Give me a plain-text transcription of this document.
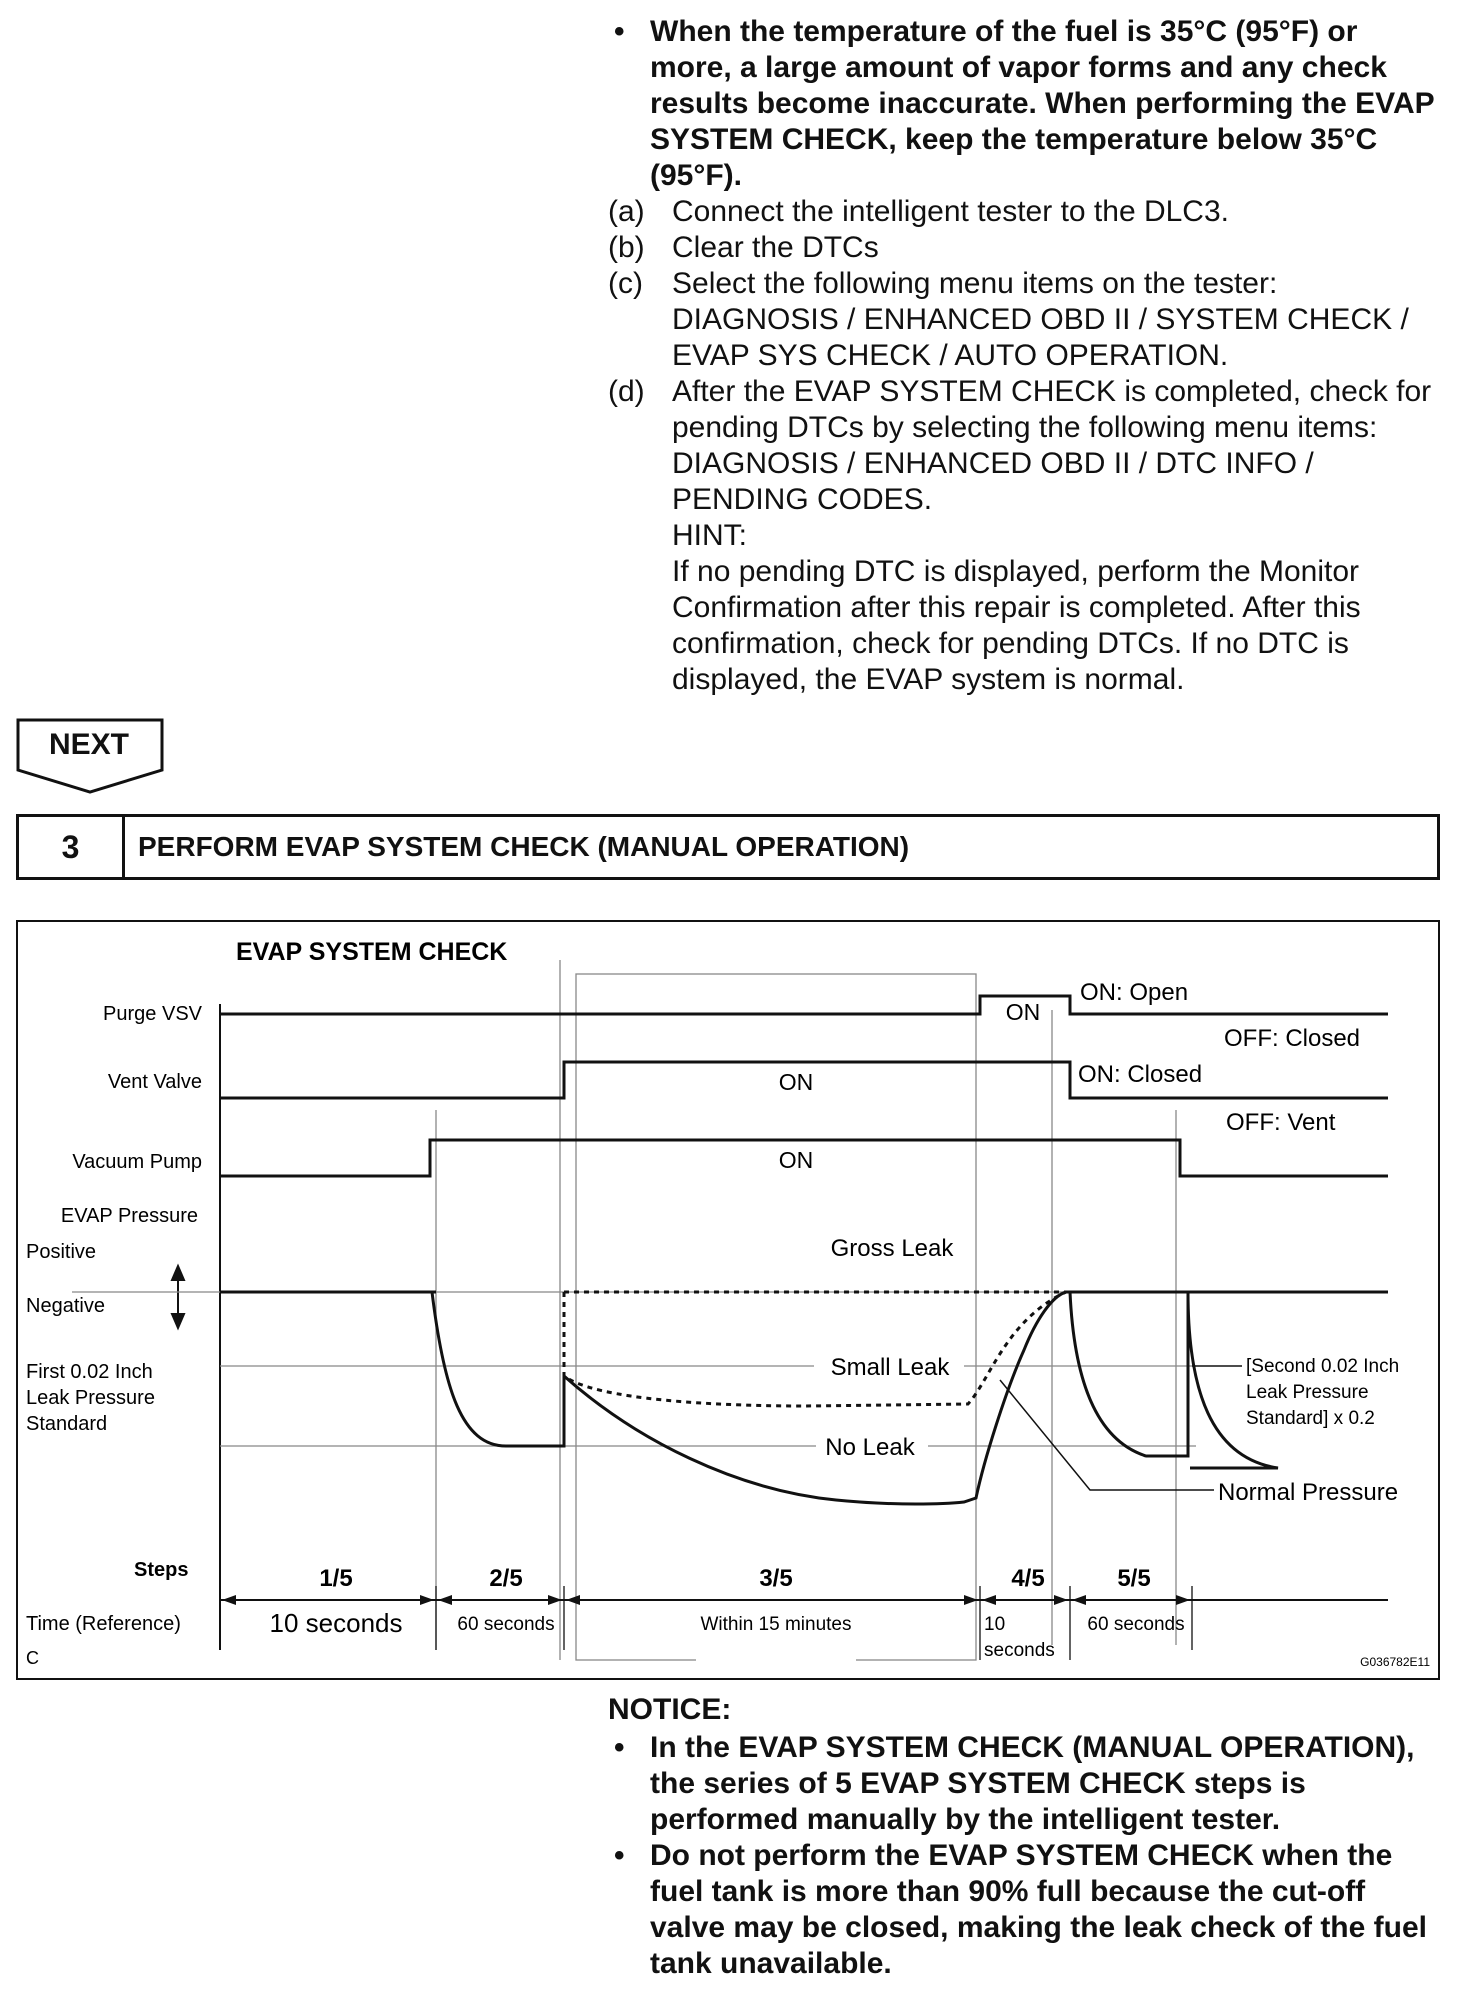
• When the temperature of the fuel is 35°C (95°F) or more, a large amount of vapor forms and any check results become inaccurate. When performing the EVAP SYSTEM CHECK, keep the temperature below 35°C (95°F).
(a) Connect the intelligent tester to the DLC3.
(b) Clear the DTCs
(c) Select the following menu items on the tester: DIAGNOSIS / ENHANCED OBD II / SYSTEM CHECK / EVAP SYS CHECK / AUTO OPERATION.
(d) After the EVAP SYSTEM CHECK is completed, check for pending DTCs by selecting the following menu items: DIAGNOSIS / ENHANCED OBD II / DTC INFO / PENDING CODES.

HINT:

If no pending DTC is displayed, perform the Monitor Confirmation after this repair is completed. After this confirmation, check for pending DTCs. If no DTC is displayed, the EVAP system is normal.

NEXT
3	PERFORM EVAP SYSTEM CHECK (MANUAL OPERATION)
EVAP SYSTEM CHECK
Purge VSV
Vent Valve
Vacuum Pump
EVAP Pressure
Positive
Negative
First 0.02 Inch
Leak Pressure
Standard
Time (Reference)
Steps
ON
ON: Open
OFF: Closed
ON	ON: Closed
OFF: Vent
ON
Gross Leak
Small Leak
No Leak
Normal Pressure
[Second 0.02 Inch
Leak Pressure
Standard] x 0.2
1/5	2/5	3/5	4/5	5/5
10 seconds	60 seconds	Within 15 minutes	10
seconds
60 seconds
C	G036782E11
NOTICE:
• In the EVAP SYSTEM CHECK (MANUAL OPERATION), the series of 5 EVAP SYSTEM CHECK steps is performed manually by the intelligent tester.
• Do not perform the EVAP SYSTEM CHECK when the fuel tank is more than 90% full because the cut-off valve may be closed, making the leak check of the fuel tank unavailable.
